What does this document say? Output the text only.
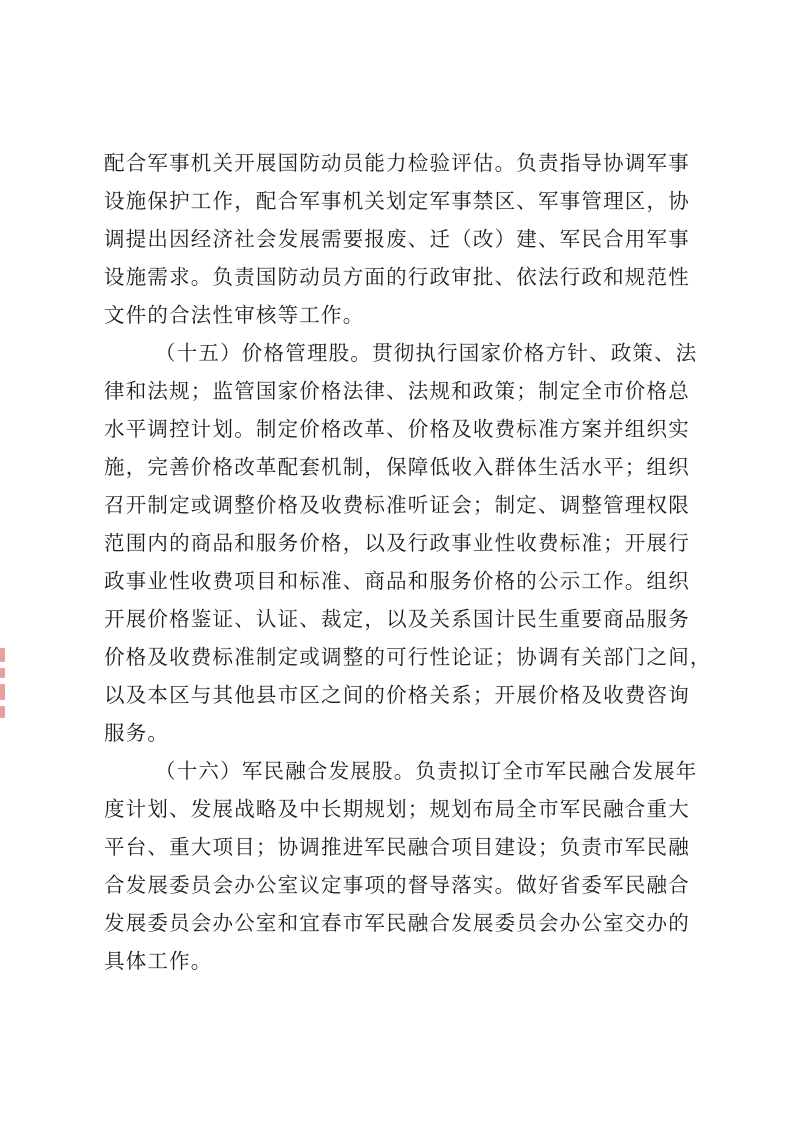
配合军事机关开展国防动员能力检验评估。负责指导协调军事
设施保护工作，配合军事机关划定军事禁区、军事管理区，协
调提出因经济社会发展需要报废、迁（改）建、军民合用军事
设施需求。负责国防动员方面的行政审批、依法行政和规范性
文件的合法性审核等工作。
（十五）价格管理股。贯彻执行国家价格方针、政策、法
律和法规；监管国家价格法律、法规和政策；制定全市价格总
水平调控计划。制定价格改革、价格及收费标准方案并组织实
施，完善价格改革配套机制，保障低收入群体生活水平；组织
召开制定或调整价格及收费标准听证会；制定、调整管理权限
范围内的商品和服务价格，以及行政事业性收费标准；开展行
政事业性收费项目和标准、商品和服务价格的公示工作。组织
开展价格鉴证、认证、裁定，以及关系国计民生重要商品服务
价格及收费标准制定或调整的可行性论证；协调有关部门之间，
以及本区与其他县市区之间的价格关系；开展价格及收费咨询
服务。
（十六）军民融合发展股。负责拟订全市军民融合发展年
度计划、发展战略及中长期规划；规划布局全市军民融合重大
平台、重大项目；协调推进军民融合项目建设；负责市军民融
合发展委员会办公室议定事项的督导落实。做好省委军民融合
发展委员会办公室和宜春市军民融合发展委员会办公室交办的
具体工作。
